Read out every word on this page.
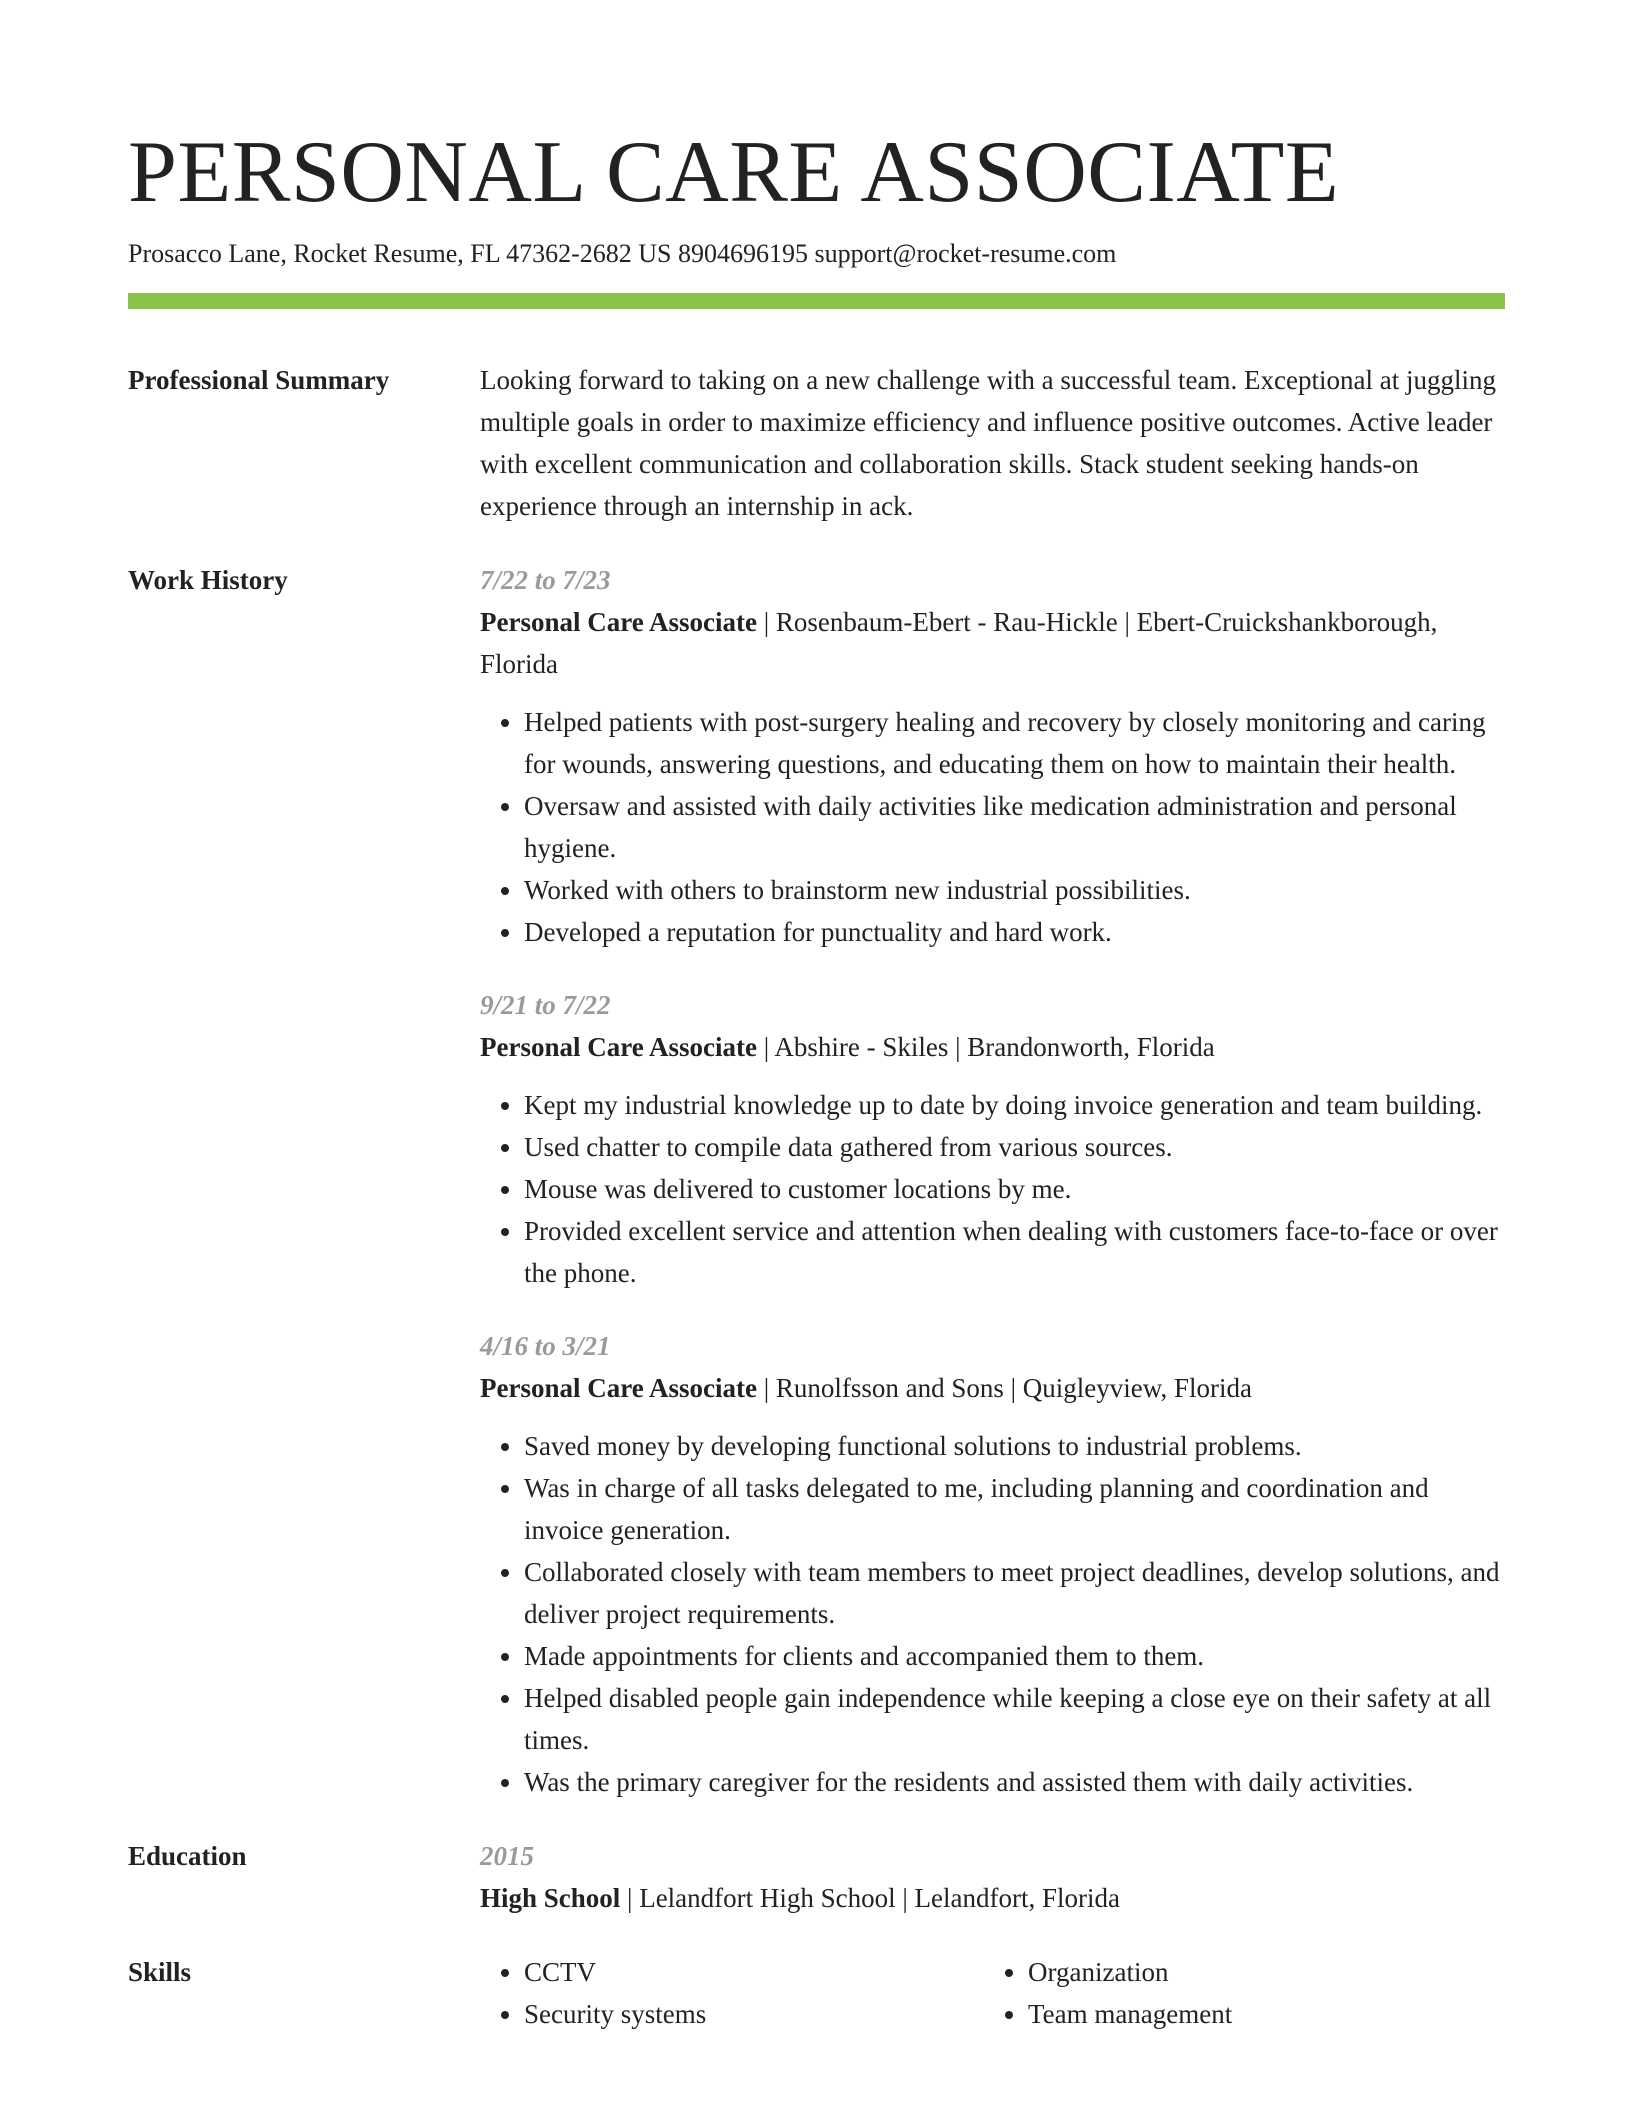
PERSONAL CARE ASSOCIATE
Prosacco Lane, Rocket Resume, FL 47362-2682 US 8904696195 support@rocket-resume.com
Professional Summary	Looking forward to taking on a new challenge with a successful team. Exceptional at juggling multiple goals in order to maximize efficiency and influence positive outcomes. Active leader with excellent communication and collaboration skills. Stack student seeking hands-on experience through an internship in ack.

Work History	7/22 to 7/23
Personal Care Associate | Rosenbaum-Ebert - Rau-Hickle | Ebert-Cruickshankborough, Florida
• Helped patients with post-surgery healing and recovery by closely monitoring and caring for wounds, answering questions, and educating them on how to maintain their health.
• Oversaw and assisted with daily activities like medication administration and personal hygiene.
• Worked with others to brainstorm new industrial possibilities.
• Developed a reputation for punctuality and hard work.
9/21 to 7/22
Personal Care Associate | Abshire - Skiles | Brandonworth, Florida
• Kept my industrial knowledge up to date by doing invoice generation and team building.
• Used chatter to compile data gathered from various sources.
• Mouse was delivered to customer locations by me.
• Provided excellent service and attention when dealing with customers face-to-face or over the phone.
4/16 to 3/21
Personal Care Associate | Runolfsson and Sons | Quigleyview, Florida
• Saved money by developing functional solutions to industrial problems.
• Was in charge of all tasks delegated to me, including planning and coordination and invoice generation.
• Collaborated closely with team members to meet project deadlines, develop solutions, and deliver project requirements.
• Made appointments for clients and accompanied them to them.
• Helped disabled people gain independence while keeping a close eye on their safety at all times.
• Was the primary caregiver for the residents and assisted them with daily activities.
Education	2015
High School | Lelandfort High School | Lelandfort, Florida
Skills
•	CCTV
• Security systems
• Organization
• Team management
